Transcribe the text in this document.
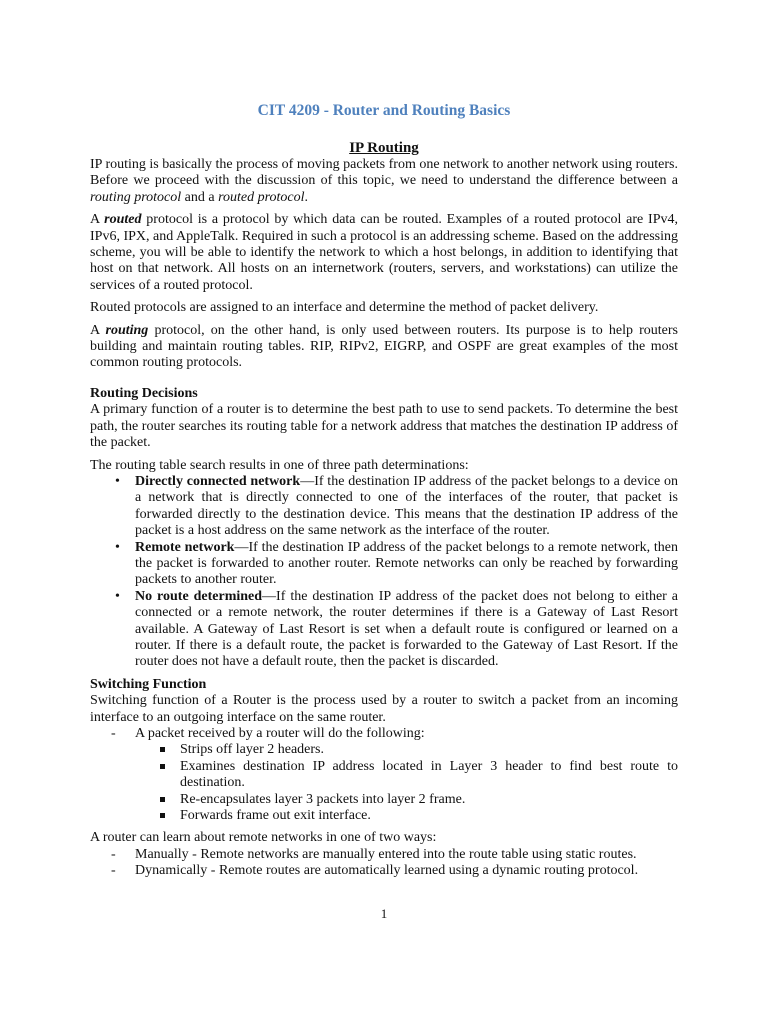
CIT 4209 - Router and Routing Basics
IP Routing

IP routing is basically the process of moving packets from one network to another network using routers. Before we proceed with the discussion of this topic, we need to understand the difference between a routing protocol and a routed protocol.

A routed protocol is a protocol by which data can be routed. Examples of a routed protocol are IPv4, IPv6, IPX, and AppleTalk. Required in such a protocol is an addressing scheme. Based on the addressing scheme, you will be able to identify the network to which a host belongs, in addition to identifying that host on that network. All hosts on an internetwork (routers, servers, and workstations) can utilize the services of a routed protocol.

Routed protocols are assigned to an interface and determine the method of packet delivery.

A routing protocol, on the other hand, is only used between routers. Its purpose is to help routers building and maintain routing tables. RIP, RIPv2, EIGRP, and OSPF are great examples of the most common routing protocols.

Routing Decisions

A primary function of a router is to determine the best path to use to send packets. To determine the best path, the router searches its routing table for a network address that matches the destination IP address of the packet.

The routing table search results in one of three path determinations:

• Directly connected network—If the destination IP address of the packet belongs to a device on a network that is directly connected to one of the interfaces of the router, that packet is forwarded directly to the destination device. This means that the destination IP address of the packet is a host address on the same network as the interface of the router.
• Remote network—If the destination IP address of the packet belongs to a remote network, then the packet is forwarded to another router. Remote networks can only be reached by forwarding packets to another router.
• No route determined—If the destination IP address of the packet does not belong to either a connected or a remote network, the router determines if there is a Gateway of Last Resort available. A Gateway of Last Resort is set when a default route is configured or learned on a router. If there is a default route, the packet is forwarded to the Gateway of Last Resort. If the router does not have a default route, then the packet is discarded.
Switching Function

Switching function of a Router is the process used by a router to switch a packet from an incoming interface to an outgoing interface on the same router.

- A packet received by a router will do the following:
Strips off layer 2 headers.
Examines destination IP address located in Layer 3 header to find best route to destination.
Re-encapsulates layer 3 packets into layer 2 frame.
Forwards frame out exit interface.

A router can learn about remote networks in one of two ways:

- Manually - Remote networks are manually entered into the route table using static routes.
- Dynamically - Remote routes are automatically learned using a dynamic routing protocol.
1
